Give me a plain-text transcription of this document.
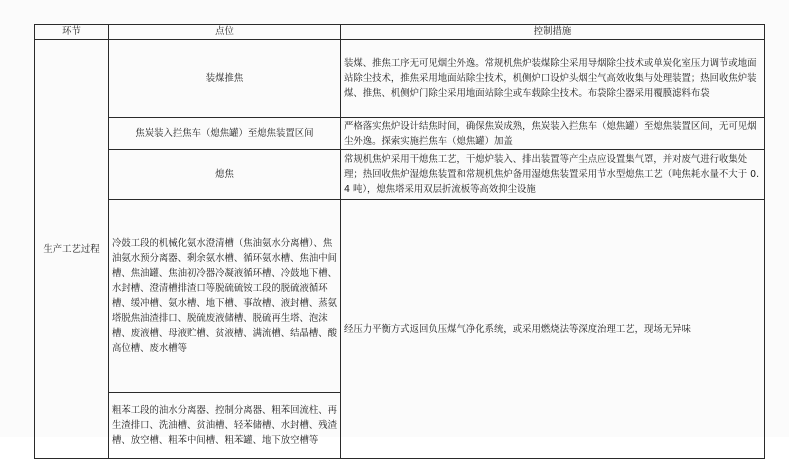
环节	点位	控制措施
生产工艺过程	装煤推焦	装煤、推焦工序无可见烟尘外逸。常规机焦炉装煤除尘采用导烟除尘技术或单炭化室压力调节或地面站除尘技术，推焦采用地面站除尘技术，机侧炉口设炉头烟尘气高效收集与处理装置；热回收焦炉装煤、推焦、机侧炉门除尘采用地面站除尘或车载除尘技术。布袋除尘器采用覆膜滤料布袋
	焦炭装入拦焦车（熄焦罐）至熄焦装置区间	严格落实焦炉设计结焦时间，确保焦炭成熟，焦炭装入拦焦车（熄焦罐）至熄焦装置区间，无可见烟尘外逸。探索实施拦焦车（熄焦罐）加盖
	熄焦	常规机焦炉采用干熄焦工艺，干熄炉装入、排出装置等产尘点应设置集气罩，并对废气进行收集处理；热回收焦炉湿熄焦装置和常规机焦炉备用湿熄焦装置采用节水型熄焦工艺（吨焦耗水量不大于 0.4 吨），熄焦塔采用双层折流板等高效抑尘设施
	冷鼓工段的机械化氨水澄清槽（焦油氨水分离槽）、焦油氨水预分离器、剩余氨水槽、循环氨水槽、焦油中间槽、焦油罐、焦油初冷器冷凝液循环槽、冷鼓地下槽、水封槽、澄清槽排渣口等脱硫硫铵工段的脱硫液循环槽、缓冲槽、氨水槽、地下槽、事故槽、液封槽、蒸氨塔脱焦油渣排口、脱硫废液储槽、脱硫再生塔、泡沫槽、废液槽、母液贮槽、贫液槽、满流槽、结晶槽、酸高位槽、废水槽等	经压力平衡方式返回负压煤气净化系统，或采用燃烧法等深度治理工艺，现场无异味

	粗苯工段的油水分离器、控制分离器、粗苯回流柱、再生渣排口、洗油槽、贫油槽、轻苯储槽、水封槽、残渣槽、放空槽、粗苯中间槽、粗苯罐、地下放空槽等	
